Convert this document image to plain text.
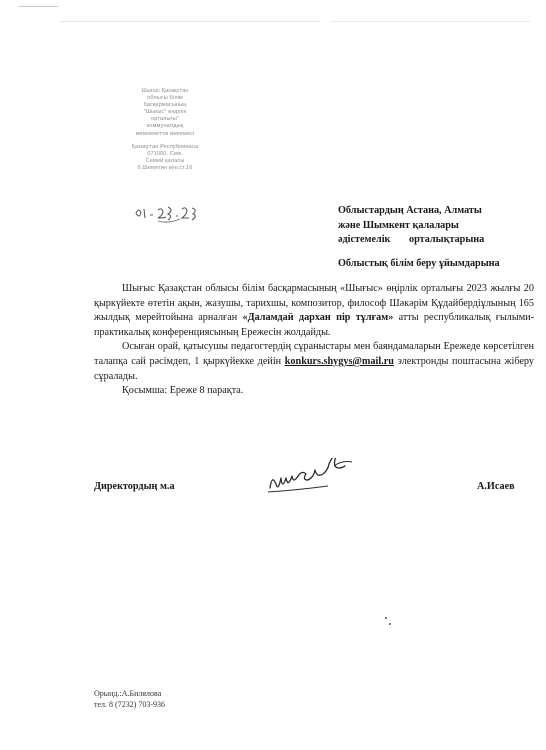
Шығыс Қазақстан
облысы білім
басқармасының
"Шығыс" өңірлік
орталығы"
коммуналдық
мемлекеттік мекемесі
Қазақстан Республикасы
071000, Сем.
Семей қаласы
б.Шемятин кен.ст.16
Облыстардың Астана, Алматы
және Шымкент қалалары
әдістемелік орталықтарына
Облыстық білім беру ұйымдарына

Шығыс Қазақстан облысы білім басқармасының «Шығыс» өңірлік орталығы 2023 жылғы 20 қыркүйекте өтетін ақын, жазушы, тарихшы, композитор, философ Шәкәрім Құдайбердіұлының 165 жылдық мерейтойына арналған «Даламдай дархан пір тұлғам» атты республикалық ғылыми-практикалық конференциясының Ережесін жолдайды.

Осыған орай, қатысушы педагогтердің сұраныстары мен баяндамаларын Ережеде көрсетілген талапқа сай рәсімдеп, 1 қыркүйекке дейін konkurs.shygys@mail.ru электронды поштасына жіберу сұралады.

Қосымша: Ереже 8 парақта.

Директордың м.а	А.Исаев
Орынд.:А.Билялова
тел. 8 (7232) 703-936
